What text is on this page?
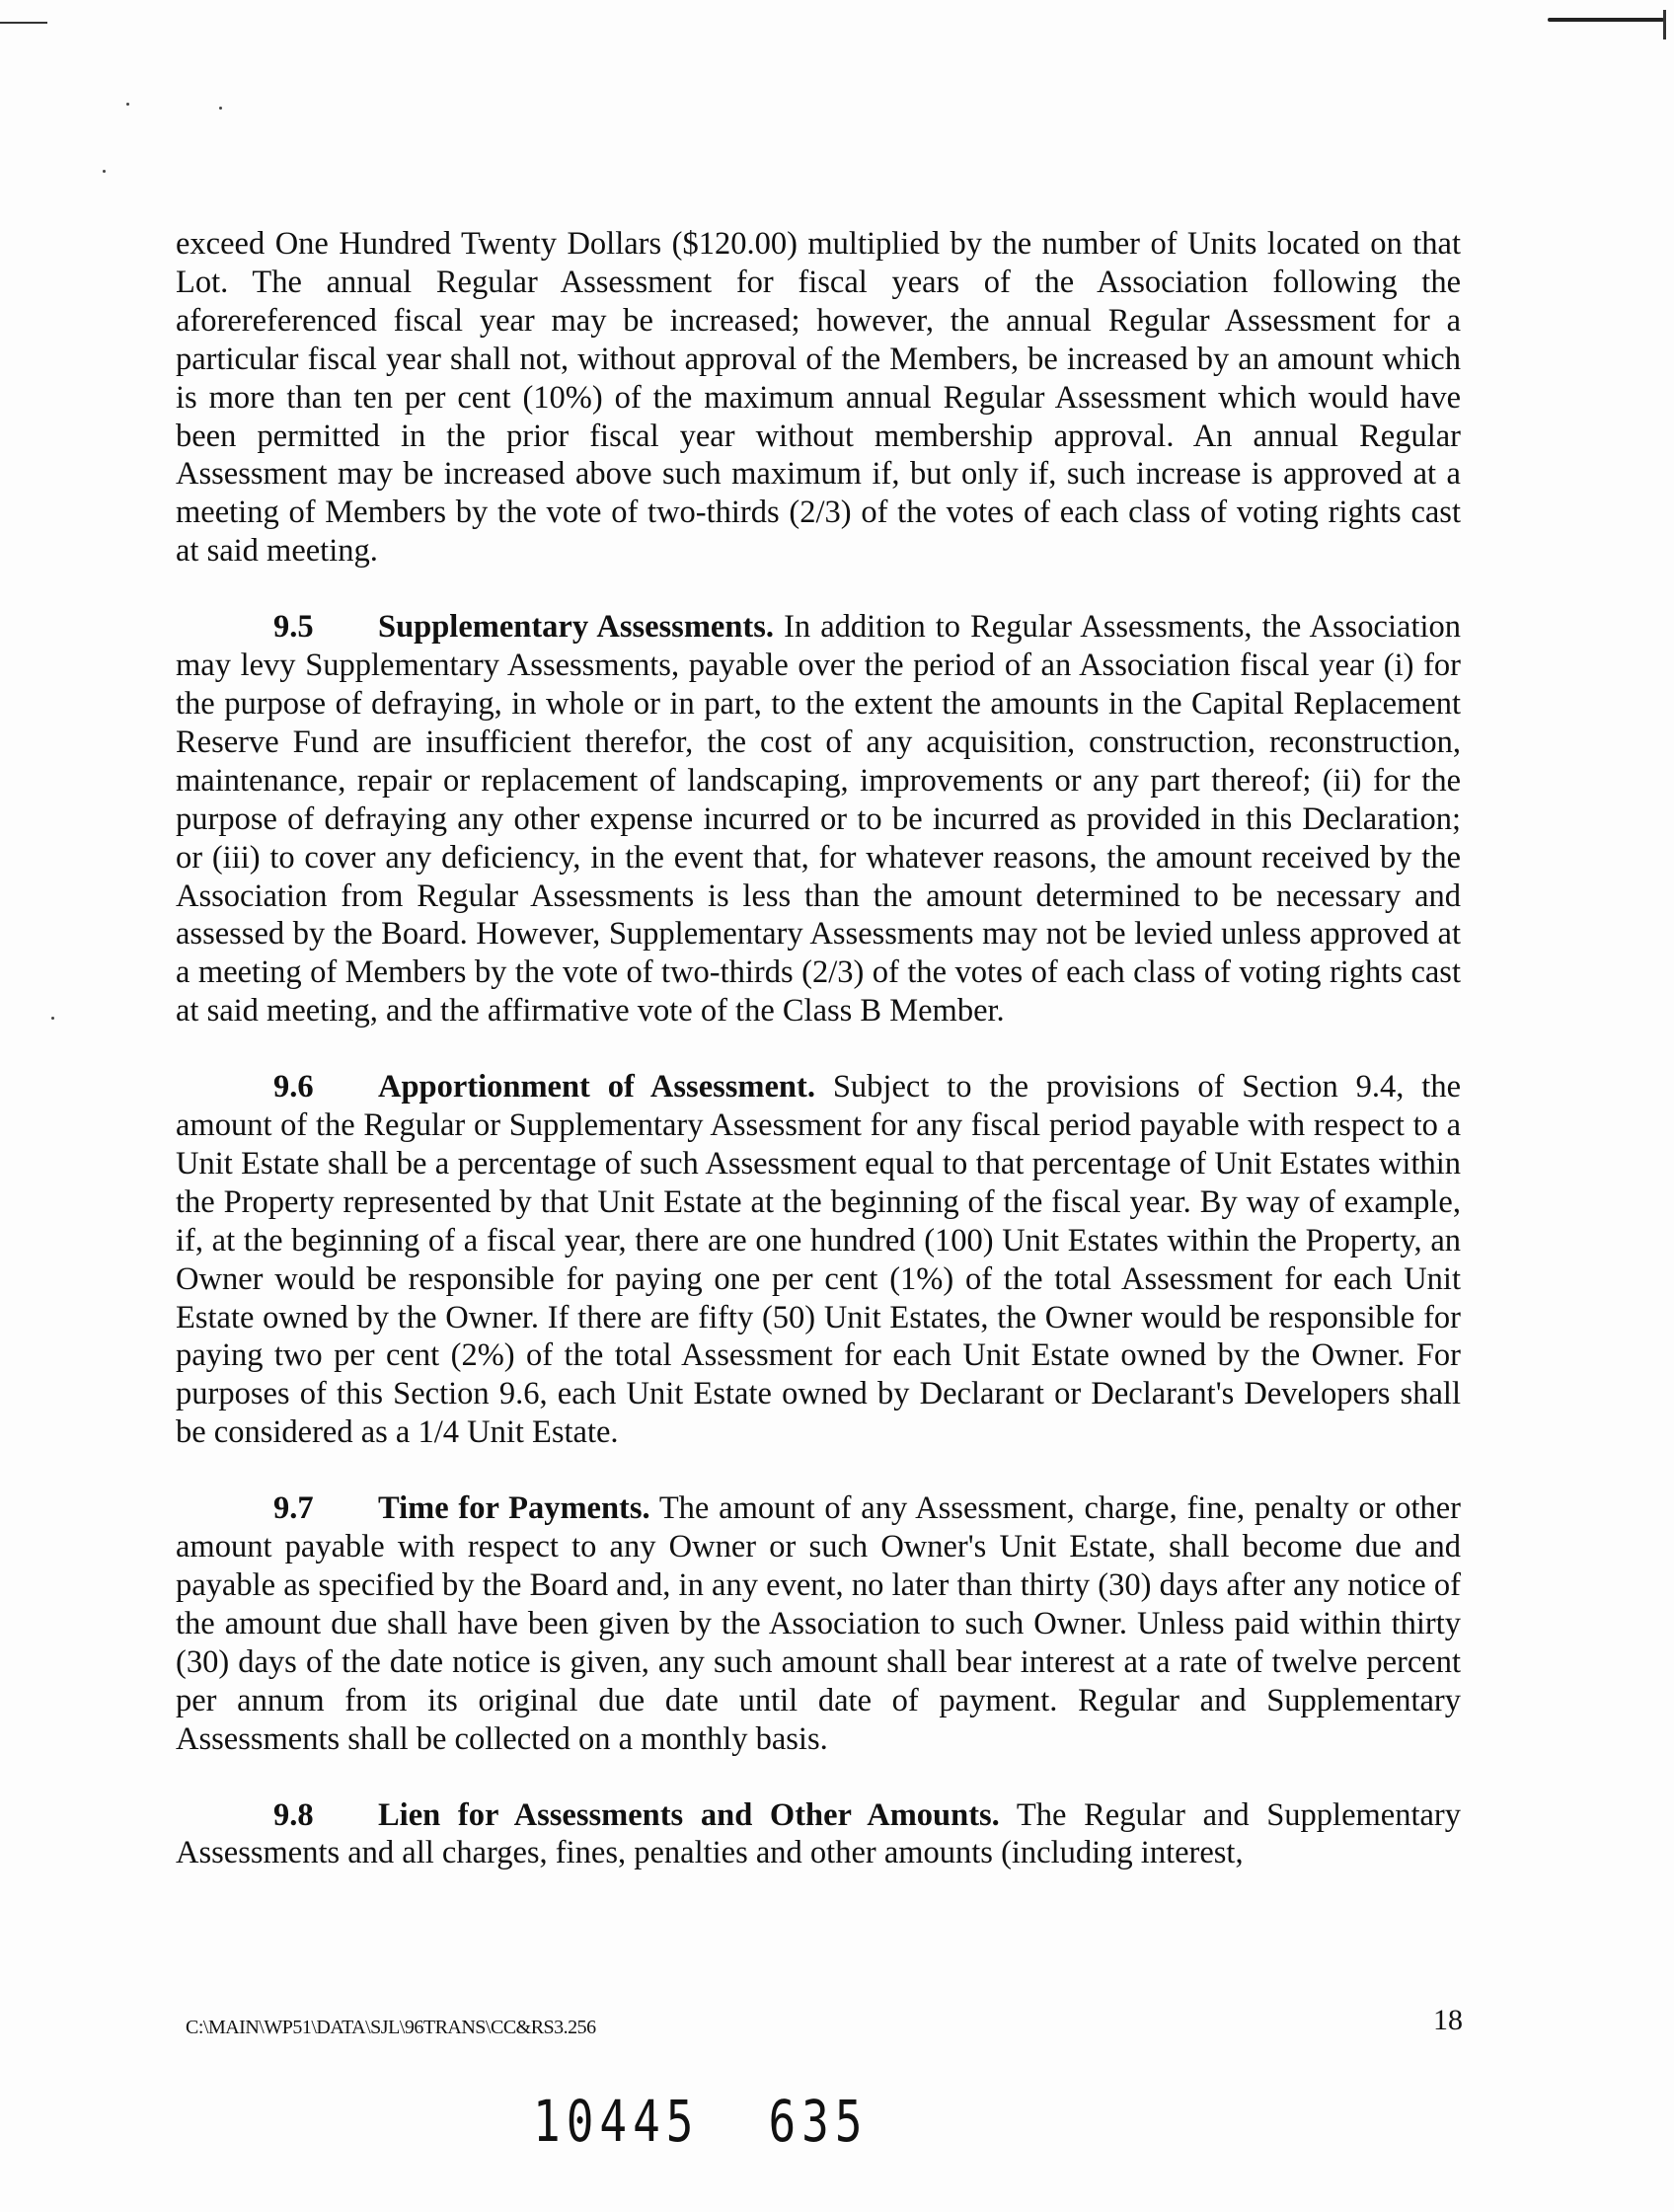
exceed One Hundred Twenty Dollars ($120.00) multiplied by the number of Units located on that Lot. The annual Regular Assessment for fiscal years of the Association following the aforereferenced fiscal year may be increased; however, the annual Regular Assessment for a particular fiscal year shall not, without approval of the Members, be increased by an amount which is more than ten per cent (10%) of the maximum annual Regular Assessment which would have been permitted in the prior fiscal year without membership approval. An annual Regular Assessment may be increased above such maximum if, but only if, such increase is approved at a meeting of Members by the vote of two-thirds (2/3) of the votes of each class of voting rights cast at said meeting.

9.5 Supplementary Assessments. In addition to Regular Assessments, the Association may levy Supplementary Assessments, payable over the period of an Association fiscal year (i) for the purpose of defraying, in whole or in part, to the extent the amounts in the Capital Replacement Reserve Fund are insufficient therefor, the cost of any acquisition, construction, reconstruction, maintenance, repair or replacement of landscaping, improvements or any part thereof; (ii) for the purpose of defraying any other expense incurred or to be incurred as provided in this Declaration; or (iii) to cover any deficiency, in the event that, for whatever reasons, the amount received by the Association from Regular Assessments is less than the amount determined to be necessary and assessed by the Board. However, Supplementary Assessments may not be levied unless approved at a meeting of Members by the vote of two-thirds (2/3) of the votes of each class of voting rights cast at said meeting, and the affirmative vote of the Class B Member.

9.6 Apportionment of Assessment. Subject to the provisions of Section 9.4, the amount of the Regular or Supplementary Assessment for any fiscal period payable with respect to a Unit Estate shall be a percentage of such Assessment equal to that percentage of Unit Estates within the Property represented by that Unit Estate at the beginning of the fiscal year. By way of example, if, at the beginning of a fiscal year, there are one hundred (100) Unit Estates within the Property, an Owner would be responsible for paying one per cent (1%) of the total Assessment for each Unit Estate owned by the Owner. If there are fifty (50) Unit Estates, the Owner would be responsible for paying two per cent (2%) of the total Assessment for each Unit Estate owned by the Owner. For purposes of this Section 9.6, each Unit Estate owned by Declarant or Declarant's Developers shall be considered as a 1/4 Unit Estate.

9.7 Time for Payments. The amount of any Assessment, charge, fine, penalty or other amount payable with respect to any Owner or such Owner's Unit Estate, shall become due and payable as specified by the Board and, in any event, no later than thirty (30) days after any notice of the amount due shall have been given by the Association to such Owner. Unless paid within thirty (30) days of the date notice is given, any such amount shall bear interest at a rate of twelve percent per annum from its original due date until date of payment. Regular and Supplementary Assessments shall be collected on a monthly basis.

9.8 Lien for Assessments and Other Amounts. The Regular and Supplementary Assessments and all charges, fines, penalties and other amounts (including interest,

C:\MAIN\WP51\DATA\SJL\96TRANS\CC&RS3.256	18
10445 635
